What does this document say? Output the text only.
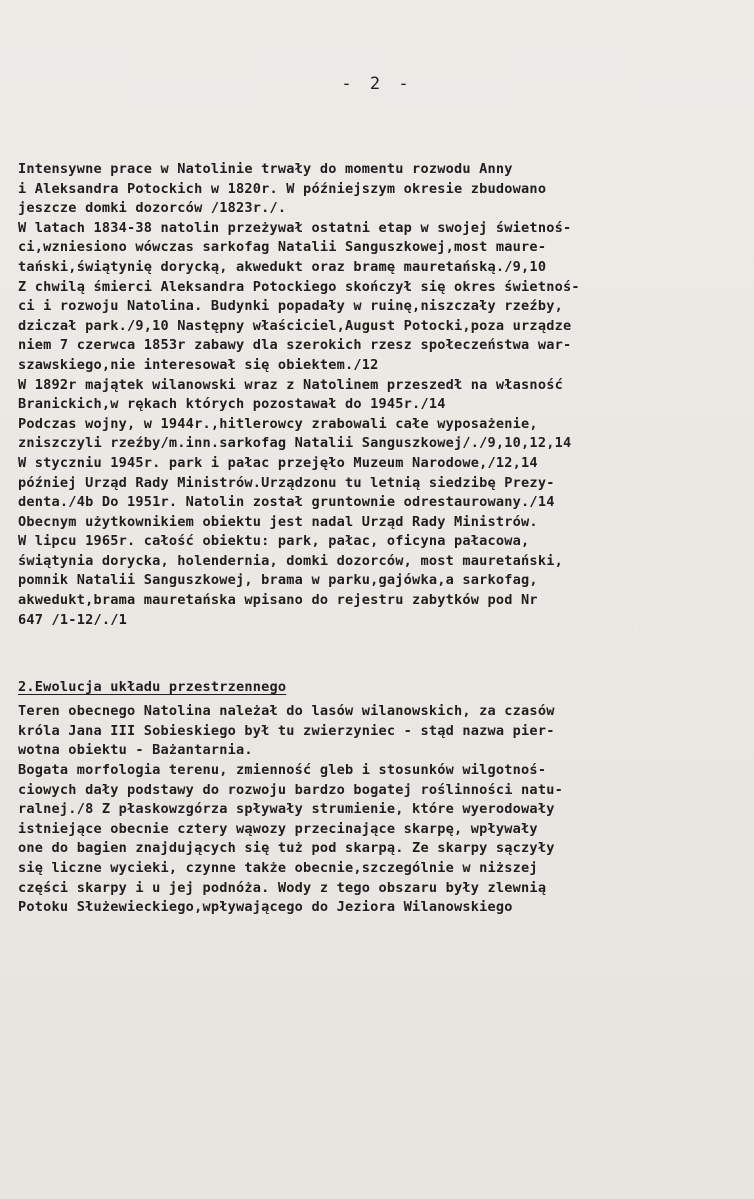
- 2 -
Intensywne prace w Natolinie trwały do momentu rozwodu Anny
i Aleksandra Potockich w 1820r. W późniejszym okresie zbudowano
jeszcze domki dozorców /1823r./.
W latach 1834-38 natolin przeżywał ostatni etap w swojej świetnoś-
ci,wzniesiono wówczas sarkofag Natalii Sanguszkowej,most maure-
tański,świątynię dorycką, akwedukt oraz bramę mauretańską./9,10
Z chwilą śmierci Aleksandra Potockiego skończył się okres świetnoś-
ci i rozwoju Natolina. Budynki popadały w ruinę,niszczały rzeźby,
dziczał park./9,10 Następny właściciel,August Potocki,poza urządze
niem 7 czerwca 1853r zabawy dla szerokich rzesz społeczeństwa war-
szawskiego,nie interesował się obiektem./12
W 1892r majątek wilanowski wraz z Natolinem przeszedł na własność
Branickich,w rękach których pozostawał do 1945r./14
Podczas wojny, w 1944r.,hitlerowcy zrabowali całe wyposażenie,
zniszczyli rzeźby/m.inn.sarkofag Natalii Sanguszkowej/./9,10,12,14
W styczniu 1945r. park i pałac przejęło Muzeum Narodowe,/12,14
później Urząd Rady Ministrów.Urządzonu tu letnią siedzibę Prezy-
denta./4b Do 1951r. Natolin został gruntownie odrestaurowany./14
Obecnym użytkownikiem obiektu jest nadal Urząd Rady Ministrów.
W lipcu 1965r. całość obiektu: park, pałac, oficyna pałacowa,
świątynia dorycka, holendernia, domki dozorców, most mauretański,
pomnik Natalii Sanguszkowej, brama w parku,gajówka,a sarkofag,
akwedukt,brama mauretańska wpisano do rejestru zabytków pod Nr
647 /1-12/./1
2.Ewolucja układu przestrzennego
Teren obecnego Natolina należał do lasów wilanowskich, za czasów
króla Jana III Sobieskiego był tu zwierzyniec - stąd nazwa pier-
wotna obiektu - Bażantarnia.
Bogata morfologia terenu, zmienność gleb i stosunków wilgotnoś-
ciowych dały podstawy do rozwoju bardzo bogatej roślinności natu-
ralnej./8 Z płaskowzgórza spływały strumienie, które wyerodowały
istniejące obecnie cztery wąwozy przecinające skarpę, wpływały
one do bagien znajdujących się tuż pod skarpą. Ze skarpy sączyły
się liczne wycieki, czynne także obecnie,szczególnie w niższej
części skarpy i u jej podnóża. Wody z tego obszaru były zlewnią
Potoku Służewieckiego,wpływającego do Jeziora Wilanowskiego
